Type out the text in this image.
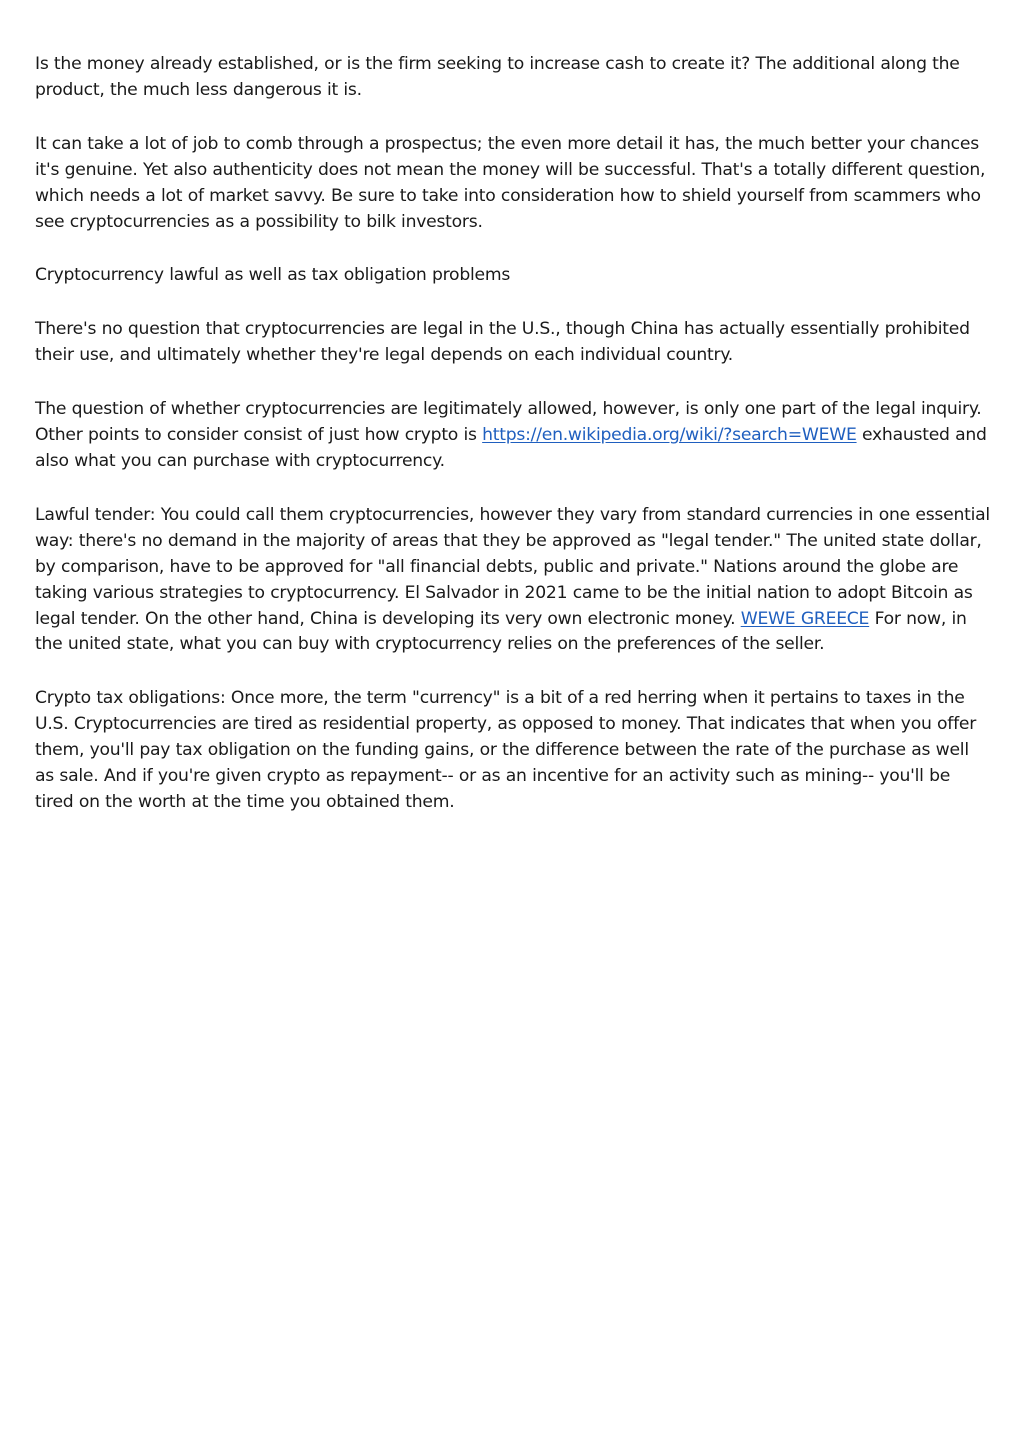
Is the money already established, or is the firm seeking to increase cash to create it? The additional along the product, the much less dangerous it is.

It can take a lot of job to comb through a prospectus; the even more detail it has, the much better your chances it's genuine. Yet also authenticity does not mean the money will be successful. That's a totally different question, which needs a lot of market savvy. Be sure to take into consideration how to shield yourself from scammers who see cryptocurrencies as a possibility to bilk investors.

Cryptocurrency lawful as well as tax obligation problems

There's no question that cryptocurrencies are legal in the U.S., though China has actually essentially prohibited their use, and ultimately whether they're legal depends on each individual country.

The question of whether cryptocurrencies are legitimately allowed, however, is only one part of the legal inquiry. Other points to consider consist of just how crypto is https://en.wikipedia.org/wiki/?search=WEWE exhausted and also what you can purchase with cryptocurrency.

Lawful tender: You could call them cryptocurrencies, however they vary from standard currencies in one essential way: there's no demand in the majority of areas that they be approved as "legal tender." The united state dollar, by comparison, have to be approved for "all financial debts, public and private." Nations around the globe are taking various strategies to cryptocurrency. El Salvador in 2021 came to be the initial nation to adopt Bitcoin as legal tender. On the other hand, China is developing its very own electronic money. WEWE GREECE For now, in the united state, what you can buy with cryptocurrency relies on the preferences of the seller.

Crypto tax obligations: Once more, the term "currency" is a bit of a red herring when it pertains to taxes in the U.S. Cryptocurrencies are tired as residential property, as opposed to money. That indicates that when you offer them, you'll pay tax obligation on the funding gains, or the difference between the rate of the purchase as well as sale. And if you're given crypto as repayment-- or as an incentive for an activity such as mining-- you'll be tired on the worth at the time you obtained them.
